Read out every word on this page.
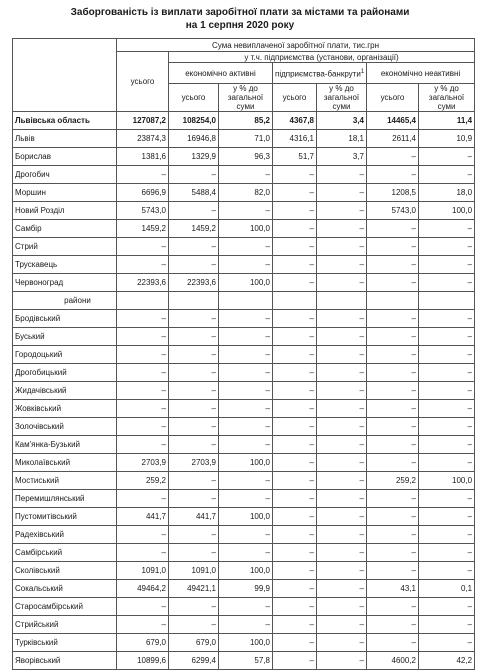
Заборгованість із виплати заробітної плати за містами та районами
на 1 серпня 2020 року
	Сума невиплаченої заробітної плати, тис.грн						
	усього	у т.ч. підприємства (установи, організації)					
		економічно активні		підприємства-банкрути$^1$		економічно неактивні	
		усього	у % до загальної суми	усього	у % до загальної суми	усього	у % до загальної суми
Львівська область	127087,2	108254,0	85,2	4367,8	3,4	14465,4	11,4
Львів	23874,3	16946,8	71,0	4316,1	18,1	2611,4	10,9
Борислав	1381,6	1329,9	96,3	51,7	3,7	–	–
Дрогобич	–	–	–	–	–	–	–
Моршин	6696,9	5488,4	82,0	–	–	1208,5	18,0
Новий Розділ	5743,0	–	–	–	–	5743,0	100,0
Самбір	1459,2	1459,2	100,0	–	–	–	–
Стрий	–	–	–	–	–	–	–
Трускавець	–	–	–	–	–	–	–
Червоноград	22393,6	22393,6	100,0	–	–	–	–
райони							
Бродівський	–	–	–	–	–	–	–
Буський	–	–	–	–	–	–	–
Городоцький	–	–	–	–	–	–	–
Дрогобицький	–	–	–	–	–	–	–
Жидачівський	–	–	–	–	–	–	–
Жовківський	–	–	–	–	–	–	–
Золочівський	–	–	–	–	–	–	–
Кам'янка-Бузький	–	–	–	–	–	–	–
Миколаївський	2703,9	2703,9	100,0	–	–	–	–
Мостиський	259,2	–	–	–	–	259,2	100,0
Перемишлянський	–	–	–	–	–	–	–
Пустомитівський	441,7	441,7	100,0	–	–	–	–
Радехівський	–	–	–	–	–	–	–
Самбірський	–	–	–	–	–	–	–
Сколівський	1091,0	1091,0	100,0	–	–	–	–
Сокальський	49464,2	49421,1	99,9	–	–	43,1	0,1
Старосамбірський	–	–	–	–	–	–	–
Стрийський	–	–	–	–	–	–	–
Турківський	679,0	679,0	100,0	–	–	–	–
Яворівський	10899,6	6299,4	57,8	–	–	4600,2	42,2
